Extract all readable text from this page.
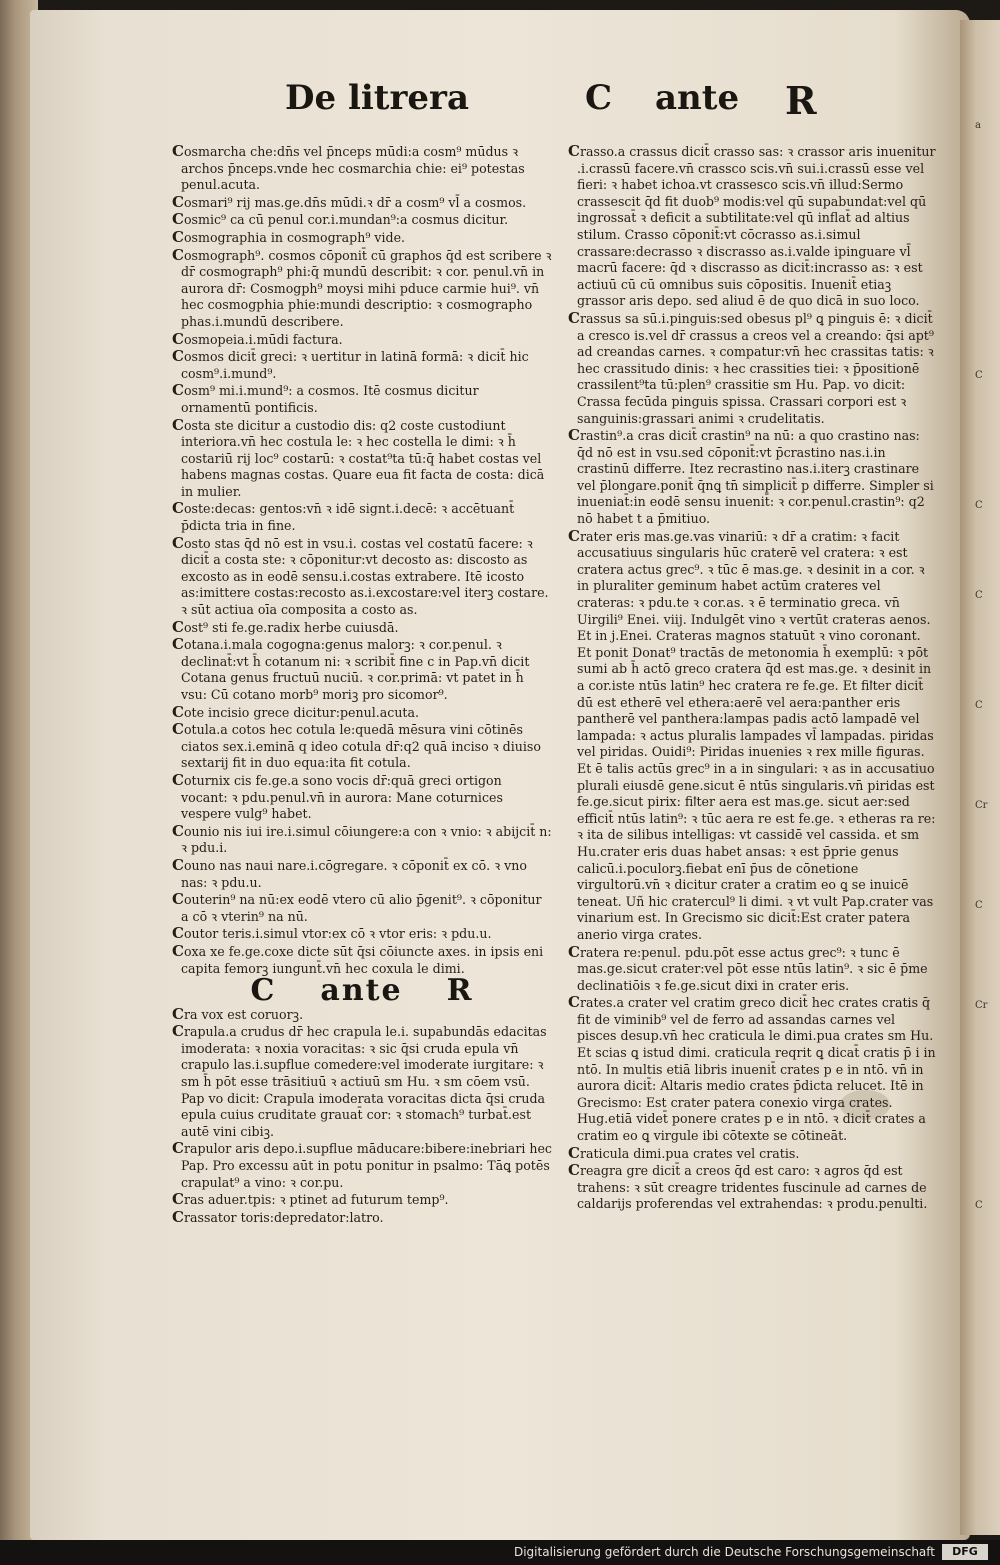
a
C
C
C
C
Cr
C
Cr
C
De litrera	C ante R
Cosmarcha che:dn̄s vel p̄nceps mūdi:a cosm⁹ mūdus ꝛ archos p̄nceps.vnde hec cosmarchia chie: ei⁹ potestas penul.acuta.
Cosmari⁹ rij mas.ge.dn̄s mūdi.ꝛ dr̄ a cosm⁹ vl̄ a cosmos.
Cosmic⁹ ca cū penul cor.i.mundan⁹:a cosmus dicitur.
Cosmographia in cosmograph⁹ vide.
Cosmograph⁹. cosmos cōponit̄ cū graphos q̄d est scribere ꝛ dr̄ cosmograph⁹ phi:q̄ mundū describit: ꝛ cor. penul.vn̄ in aurora dr̄: Cosmogph⁹ moysi mihi pduce carmie hui⁹. vn̄ hec cosmogphia phie:mundi descriptio: ꝛ cosmographo phas.i.mundū describere.
Cosmopeia.i.mūdi factura.
Cosmos dicit̄ greci: ꝛ uertitur in latinā formā: ꝛ dicit̄ hic cosm⁹.i.mund⁹.
Cosm⁹ mi.i.mund⁹: a cosmos. Itē cosmus dicitur ornamentū pontificis.
Costa ste dicitur a custodio dis: q2 coste custodiunt interiora.vn̄ hec costula le: ꝛ hec costella le dimi: ꝛ h̄ costariū rij loc⁹ costarū: ꝛ costat⁹ta tū:q̄ habet costas vel habens magnas costas. Quare eua fit facta de costa: dicā in mulier.
Coste:decas: gentos:vn̄ ꝛ idē signt.i.decē: ꝛ accētuant̄ p̄dicta tria in fine.
Costo stas q̄d nō est in vsu.i. costas vel costatū facere: ꝛ dicit̄ a costa ste: ꝛ cōponitur:vt decosto as: discosto as excosto as in eodē sensu.i.costas extrabere. Itē icosto as:imittere costas:recosto as.i.excostare:vel iterꝫ costare. ꝛ sūt actiua oīa composita a costo as.
Cost⁹ sti fe.ge.radix herbe cuiusdā.
Cotana.i.mala cogogna:genus malorꝫ: ꝛ cor.penul. ꝛ declinat̄:vt h̄ cotanum ni: ꝛ scribit̄ fine c in Pap.vn̄ dicit Cotana genus fructuū nuciū. ꝛ cor.primā: vt patet in h̄ vsu: Cū cotano morb⁹ moriꝫ pro sicomor⁹.
Cote incisio grece dicitur:penul.acuta.
Cotula.a cotos hec cotula le:quedā mēsura vini cōtinēs ciatos sex.i.eminā q ideo cotula dr̄:q2 quā inciso ꝛ diuiso sextarij fit in duo equa:ita fit cotula.
Coturnix cis fe.ge.a sono vocis dr̄:quā greci ortigon vocant: ꝛ pdu.penul.vn̄ in aurora: Mane coturnices vespere vulg⁹ habet.
Counio nis iui ire.i.simul cōiungere:a con ꝛ vnio: ꝛ abijcit̄ n: ꝛ pdu.i.
Couno nas naui nare.i.cōgregare. ꝛ cōponit̄ ex cō. ꝛ vno nas: ꝛ pdu.u.
Couterin⁹ na nū:ex eodē vtero cū alio p̄genit⁹. ꝛ cōponitur a cō ꝛ vterin⁹ na nū.
Coutor teris.i.simul vtor:ex cō ꝛ vtor eris: ꝛ pdu.u.
Coxa xe fe.ge.coxe dicte sūt q̄si cōiuncte axes. in ipsis eni capita femorꝫ iungunt̄.vn̄ hec coxula le dimi.
C ante R
Cra vox est coruorꝫ.
Crapula.a crudus dr̄ hec crapula le.i. supabundās edacitas imoderata: ꝛ noxia voracitas: ꝛ sic q̄si cruda epula vn̄ crapulo las.i.supflue comedere:vel imoderate iurgitare: ꝛ sm h̄ pōt esse trāsitiuū ꝛ actiuū sm Hu. ꝛ sm cōem vsū. Pap vo dicit: Crapula imoderata voracitas dicta q̄si cruda epula cuius cruditate grauat̄ cor: ꝛ stomach⁹ turbat̄.est autē vini cibiꝫ.
Crapulor aris depo.i.supflue māducare:bibere:inebriari hec Pap. Pro excessu aūt in potu ponitur in psalmo: Tāꝗ potēs crapulat⁹ a vino: ꝛ cor.pu.
Cras aduer.tpis: ꝛ ptinet ad futurum temp⁹.
Crassator toris:depredator:latro.
Crasso.a crassus dicit̄ crasso sas: ꝛ crassor aris inuenitur .i.crassū facere.vn̄ crassco scis.vn̄ sui.i.crassū esse vel fieri: ꝛ habet ichoa.vt crassesco scis.vn̄ illud:Sermo crassescit q̄d fit duob⁹ modis:vel qū supabundat:vel qū ingrossat̄ ꝛ deficit a subtilitate:vel qū inflat̄ ad altius stilum. Crasso cōponit̄:vt cōcrasso as.i.simul crassare:decrasso ꝛ discrasso as.i.valde ipinguare vl̄ macrū facere: q̄d ꝛ discrasso as dicit̄:incrasso as: ꝛ est actiuū cū cū omnibus suis cōpositis. Inuenit̄ etiaꝫ grassor aris depo. sed aliud ē de quo dicā in suo loco.
Crassus sa sū.i.pinguis:sed obesus pl⁹ ꝗ pinguis ē: ꝛ dicit̄ a cresco is.vel dr̄ crassus a creos vel a creando: q̄si apt⁹ ad creandas carnes. ꝛ compatur:vn̄ hec crassitas tatis: ꝛ hec crassitudo dinis: ꝛ hec crassities tiei: ꝛ p̄positionē crassilent⁹ta tū:plen⁹ crassitie sm Hu. Pap. vo dicit: Crassa fecūda pinguis spissa. Crassari corpori est ꝛ sanguinis:grassari animi ꝛ crudelitatis.
Crastin⁹.a cras dicit̄ crastin⁹ na nū: a quo crastino nas: q̄d nō est in vsu.sed cōponit̄:vt p̄crastino nas.i.in crastinū differre. Itez recrastino nas.i.iterꝫ crastinare vel p̄longare.ponit̄ q̄nꝗ tn̄ simplicit̄ p differre. Simpler si inueniat̄:in eodē sensu inuenit̄: ꝛ cor.penul.crastin⁹: q2 nō habet t a p̄mitiuo.
Crater eris mas.ge.vas vinariū: ꝛ dr̄ a cratim: ꝛ facit accusatiuus singularis hūc craterē vel cratera: ꝛ est cratera actus grec⁹. ꝛ tūc ē mas.ge. ꝛ desinit in a cor. ꝛ in pluraliter geminum habet actūm crateres vel crateras: ꝛ pdu.te ꝛ cor.as. ꝛ ē terminatio greca. vn̄ Uirgili⁹ Enei. viij. Indulgēt vino ꝛ vertūt crateras aenos. Et in j.Enei. Crateras magnos statuūt ꝛ vino coronant. Et ponit Donat⁹ tractās de metonomia h̄ exemplū: ꝛ pōt sumi ab h̄ actō greco cratera q̄d est mas.ge. ꝛ desinit in a cor.iste ntūs latin⁹ hec cratera re fe.ge. Et fiꝉter dicit̄ dū est etherē vel ethera:aerē vel aera:panther eris pantherē vel panthera:lampas padis actō lampadē vel lampada: ꝛ actus pluralis lampades vl̄ lampadas. piridas vel piridas. Ouidi⁹: Piridas inuenies ꝛ rex mille figuras. Et ē talis actūs grec⁹ in a in singulari: ꝛ as in accusatiuo plurali eiusdē gene.sicut ē ntūs singularis.vn̄ piridas est fe.ge.sicut pirix: fiꝉter aera est mas.ge. sicut aer:sed efficit̄ ntūs latin⁹: ꝛ tūc aera re est fe.ge. ꝛ etheras ra re: ꝛ ita de silibus intelligas: vt cassidē vel cassida. et sm Hu.crater eris duas habet ansas: ꝛ est p̄prie genus calicū.i.poculorꝫ.fiebat enī p̄us de cōnetione virgultorū.vn̄ ꝛ dicitur crater a cratim eo ꝗ se inuicē teneat. Uñ hic cratercul⁹ li dimi. ꝛ vt vult Pap.crater vas vinarium est. In Grecismo sic dicit̄:Est crater patera anerio virga crates.
Cratera re:penul. pdu.pōt esse actus grec⁹: ꝛ tunc ē mas.ge.sicut crater:vel pōt esse ntūs latin⁹. ꝛ sic ē p̄me declinatiōis ꝛ fe.ge.sicut dixi in crater eris.
Crates.a crater vel cratim greco dicit̄ hec crates cratis q̄ fit de viminib⁹ vel de ferro ad assandas carnes vel pisces desup.vn̄ hec craticula le dimi.pua crates sm Hu. Et scias ꝗ istud dimi. craticula reqrit ꝗ dicat̄ cratis p̄ i in ntō. In multis etiā libris inuenit̄ crates p e in ntō. vn̄ in aurora dicit̄: Altaris medio crates p̄dicta relucet. Itē in Grecismo: Est crater patera conexio virga crates. Hug.etiā videt̄ ponere crates p e in ntō. ꝛ dicit̄ crates a cratim eo ꝗ virgule ibi cōtexte se cōtineāt.
Craticula dimi.pua crates vel cratis.
Creagra gre dicit̄ a creos q̄d est caro: ꝛ agros q̄d est trahens: ꝛ sūt creagre tridentes fuscinule ad carnes de caldarijs proferendas vel extrahendas: ꝛ produ.penulti.
Digitalisierung gefördert durch die Deutsche Forschungsgemeinschaft	DFG
